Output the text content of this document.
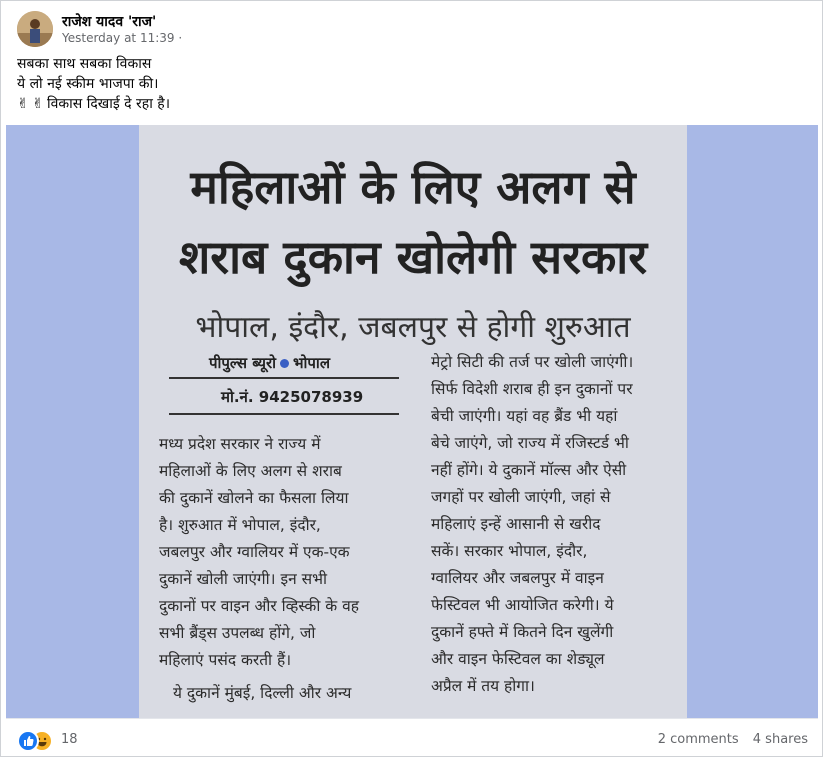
राजेश यादव 'राज'
Yesterday at 11:39 ·
सबका साथ सबका विकास
ये लो नई स्कीम भाजपा की।
✌ ✌ विकास दिखाई दे रहा है।
महिलाओं के लिए अलग से
शराब दुकान खोलेगी सरकार
भोपाल, इंदौर, जबलपुर से होगी शुरुआत
पीपुल्स ब्यूरो भोपाल
मो.नं. 9425078939
मध्य प्रदेश सरकार ने राज्य में
महिलाओं के लिए अलग से शराब
की दुकानें खोलने का फैसला लिया
है। शुरुआत में भोपाल, इंदौर,
जबलपुर और ग्वालियर में एक-एक
दुकानें खोली जाएंगी। इन सभी
दुकानों पर वाइन और व्हिस्की के वह
सभी ब्रैंड्स उपलब्ध होंगे, जो
महिलाएं पसंद करती हैं।
ये दुकानें मुंबई, दिल्ली और अन्य
मेट्रो सिटी की तर्ज पर खोली जाएंगी।
सिर्फ विदेशी शराब ही इन दुकानों पर
बेची जाएंगी। यहां वह ब्रैंड भी यहां
बेचे जाएंगे, जो राज्य में रजिस्टर्ड भी
नहीं होंगे। ये दुकानें मॉल्स और ऐसी
जगहों पर खोली जाएंगी, जहां से
महिलाएं इन्हें आसानी से खरीद
सकें। सरकार भोपाल, इंदौर,
ग्वालियर और जबलपुर में वाइन
फेस्टिवल भी आयोजित करेगी। ये
दुकानें हफ्ते में कितने दिन खुलेंगी
और वाइन फेस्टिवल का शेड्यूल
अप्रैल में तय होगा।
18	2 comments 4 shares
